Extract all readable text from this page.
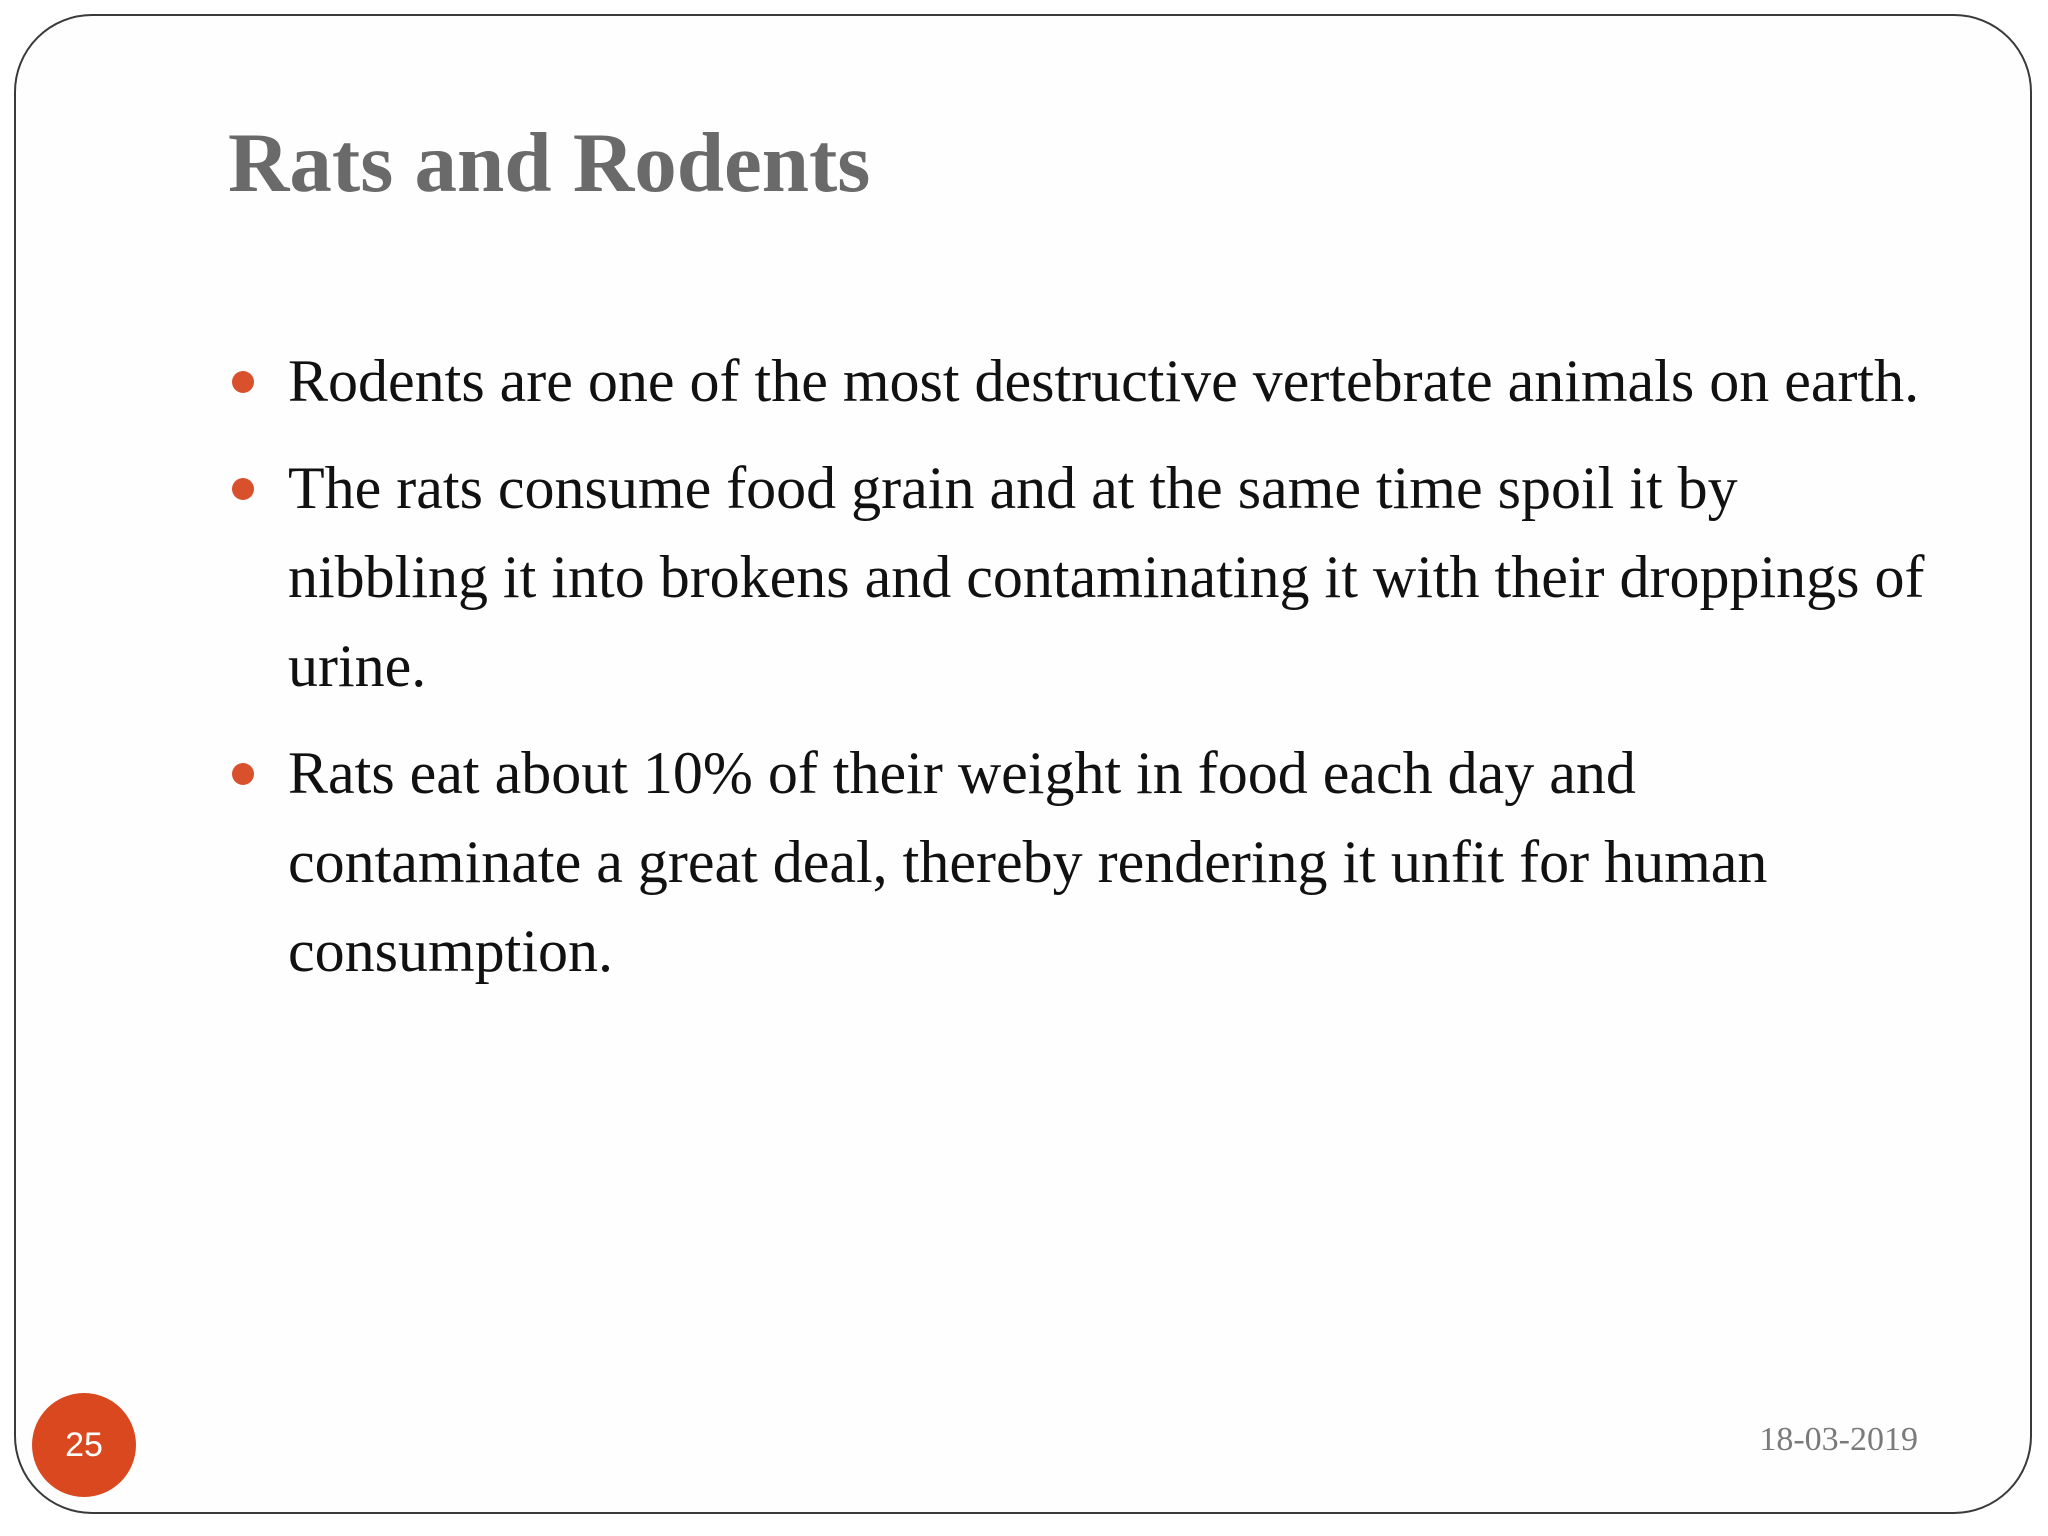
Rats and Rodents
Rodents are one of the most destructive vertebrate animals on earth.
The rats consume food grain and at the same time spoil it by nibbling it into brokens and contaminating it with their droppings of urine.
Rats eat about 10% of their weight in food each day and contaminate a great deal, thereby rendering it unfit for human consumption.
25	18-03-2019
